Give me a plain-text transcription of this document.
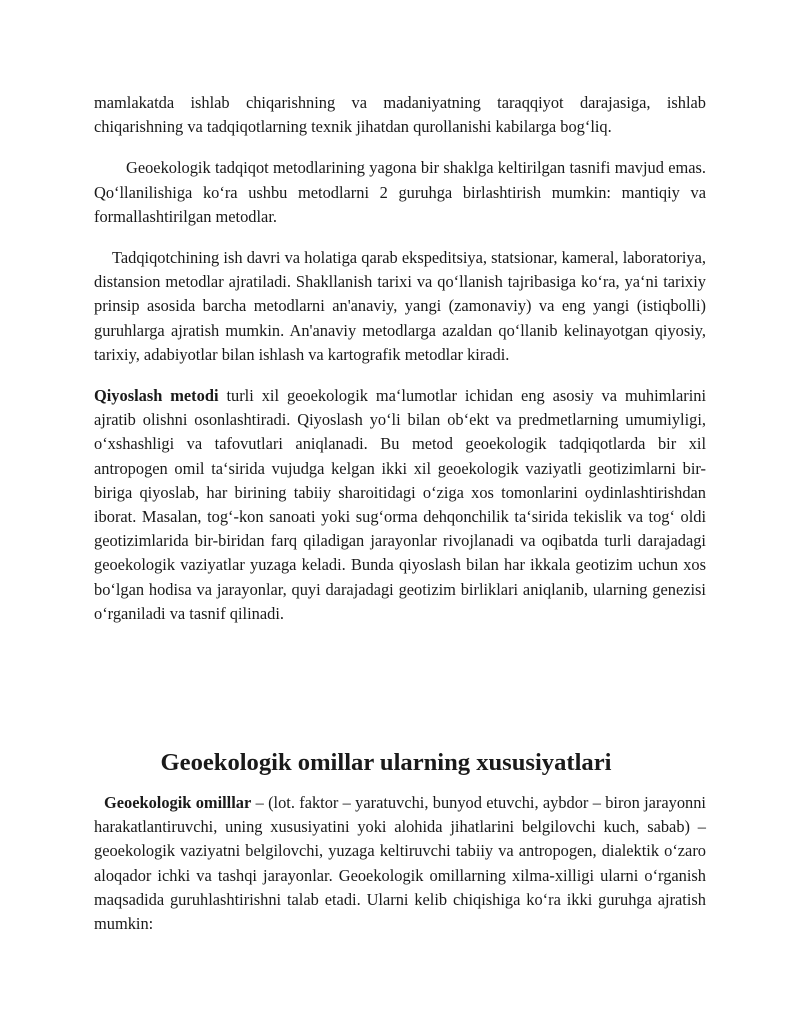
mamlakatda ishlab chiqarishning va madaniyatning taraqqiyot darajasiga, ishlab chiqarishning va tadqiqotlarning texnik jihatdan qurollanishi kabilarga bog‘liq.

Geoekologik tadqiqot metodlarining yagona bir shaklga keltirilgan tasnifi mavjud emas. Qo‘llanilishiga ko‘ra ushbu metodlarni 2 guruhga birlashtirish mumkin: mantiqiy va formallashtirilgan metodlar.

Tadqiqotchining ish davri va holatiga qarab ekspeditsiya, statsionar, kameral, laboratoriya, distansion metodlar ajratiladi. Shakllanish tarixi va qo‘llanish tajribasiga ko‘ra, ya‘ni tarixiy prinsip asosida barcha metodlarni an'anaviy, yangi (zamonaviy) va eng yangi (istiqbolli) guruhlarga ajratish mumkin. An'anaviy metodlarga azaldan qo‘llanib kelinayotgan qiyosiy, tarixiy, adabiyotlar bilan ishlash va kartografik metodlar kiradi.

Qiyoslash metodi turli xil geoekologik ma‘lumotlar ichidan eng asosiy va muhimlarini ajratib olishni osonlashtiradi. Qiyoslash yo‘li bilan ob‘ekt va predmetlarning umumiyligi, o‘xshashligi va tafovutlari aniqlanadi. Bu metod geoekologik tadqiqotlarda bir xil antropogen omil ta‘sirida vujudga kelgan ikki xil geoekologik vaziyatli geotizimlarni bir-biriga qiyoslab, har birining tabiiy sharoitidagi o‘ziga xos tomonlarini oydinlashtirishdan iborat. Masalan, tog‘-kon sanoati yoki sug‘orma dehqonchilik ta‘sirida tekislik va tog‘ oldi geotizimlarida bir-biridan farq qiladigan jarayonlar rivojlanadi va oqibatda turli darajadagi geoekologik vaziyatlar yuzaga keladi. Bunda qiyoslash bilan har ikkala geotizim uchun xos bo‘lgan hodisa va jarayonlar, quyi darajadagi geotizim birliklari aniqlanib, ularning genezisi o‘rganiladi va tasnif qilinadi.

Geoekologik omillar ularning xususiyatlari

Geoekologik omilllar – (lot. faktor – yaratuvchi, bunyod etuvchi, aybdor – biron jarayonni harakatlantiruvchi, uning xususiyatini yoki alohida jihatlarini belgilovchi kuch, sabab) – geoekologik vaziyatni belgilovchi, yuzaga keltiruvchi tabiiy va antropogen, dialektik o‘zaro aloqador ichki va tashqi jarayonlar. Geoekologik omillarning xilma-xilligi ularni o‘rganish maqsadida guruhlashtirishni talab etadi. Ularni kelib chiqishiga ko‘ra ikki guruhga ajratish mumkin:
